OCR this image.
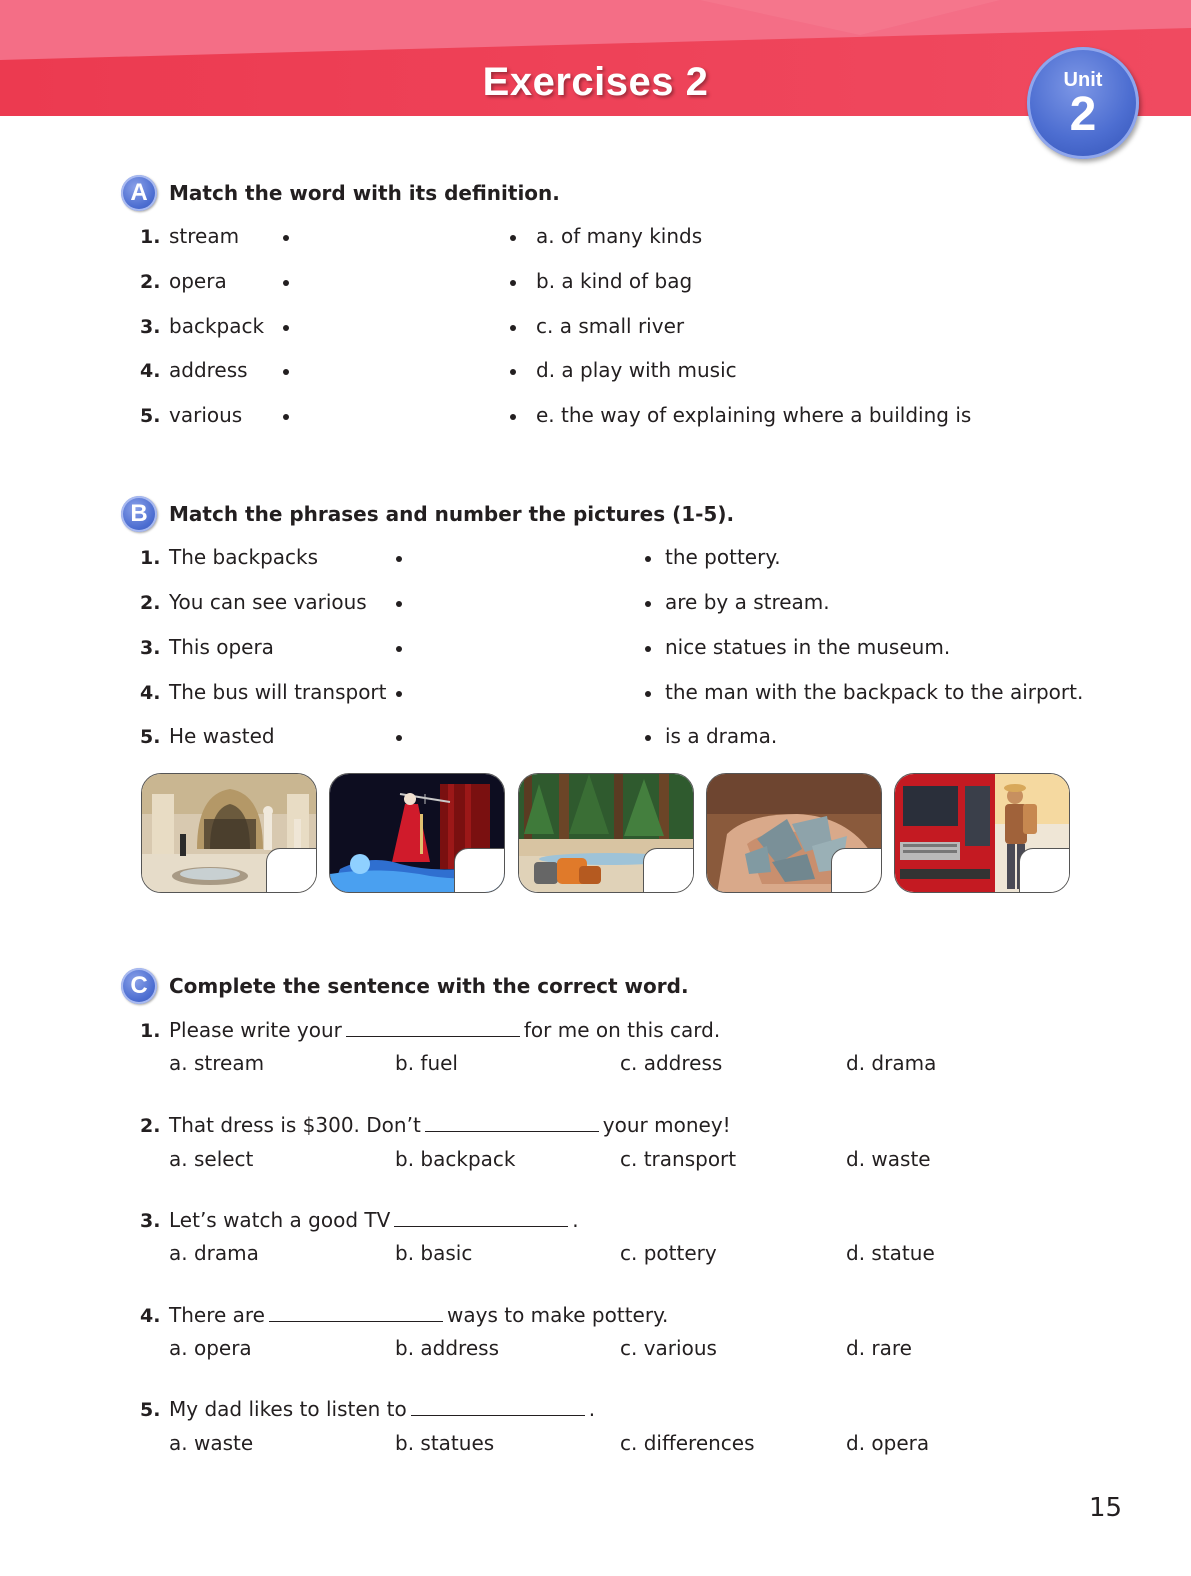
Exercises 2	Unit
2
A	Match the word with its definition.
1. stream	a. of many kinds
2. opera	b. a kind of bag
3. backpack	c. a small river
4. address	d. a play with music
5. various	e. the way of explaining where a building is
B	Match the phrases and number the pictures (1-5).
1. The backpacks	the pottery.
2. You can see various	are by a stream.
3. This opera	nice statues in the museum.
4. The bus will transport	the man with the backpack to the airport.
5. He wasted	is a drama.
C	Complete the sentence with the correct word.
1. Please write your	for me on this card.
a. stream	b. fuel	c. address	d. drama
2. That dress is $300. Don’t	your money!
a. select	b. backpack	c. transport	d. waste
3. Let’s watch a good TV	.
a. drama	b. basic	c. pottery	d. statue
4. There are	ways to make pottery.
a. opera	b. address	c. various	d. rare
5. My dad likes to listen to	.
a. waste	b. statues	c. differences	d. opera
15
